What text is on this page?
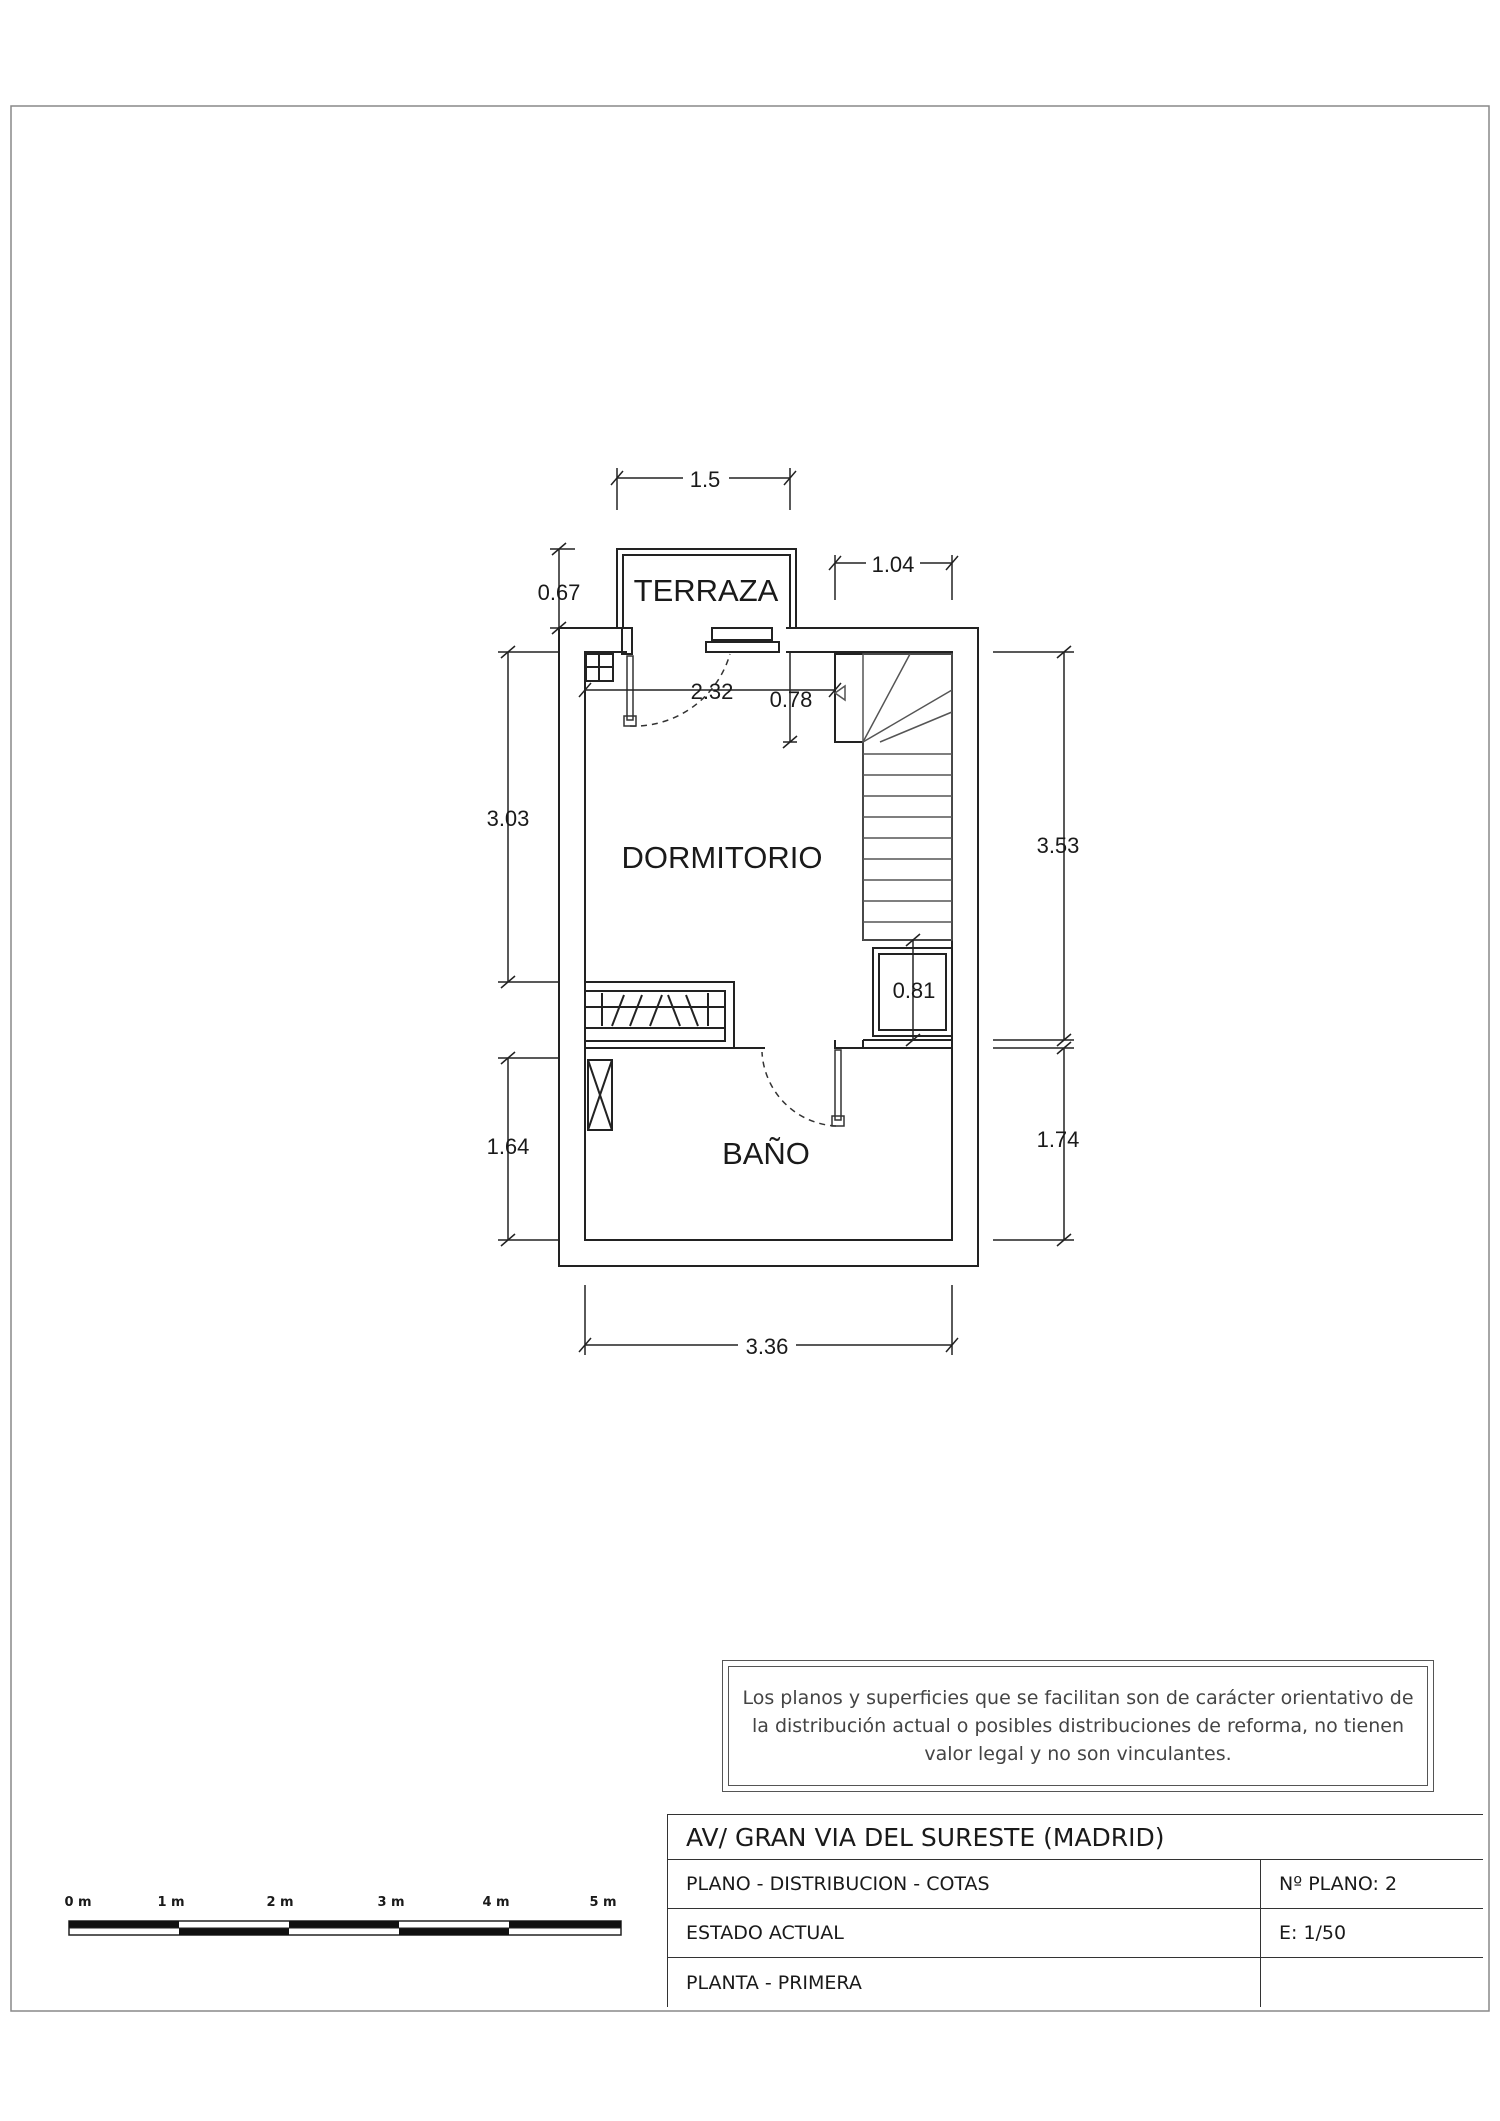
1.5
0.67
1.04
2.32 0.78
3.03
3.53
0.81
1.64	1.74
3.36
TERRAZA
DORMITORIO
BAÑO
0 m	1 m	2 m	3 m	4 m	5 m
Los planos y superficies que se facilitan son de carácter orientativo de la distribución actual o posibles distribuciones de reforma, no tienen valor legal y no son vinculantes.
AV/ GRAN VIA DEL SURESTE (MADRID)
PLANO - DISTRIBUCION - COTAS	Nº PLANO: 2
ESTADO ACTUAL	E: 1/50
PLANTA - PRIMERA
